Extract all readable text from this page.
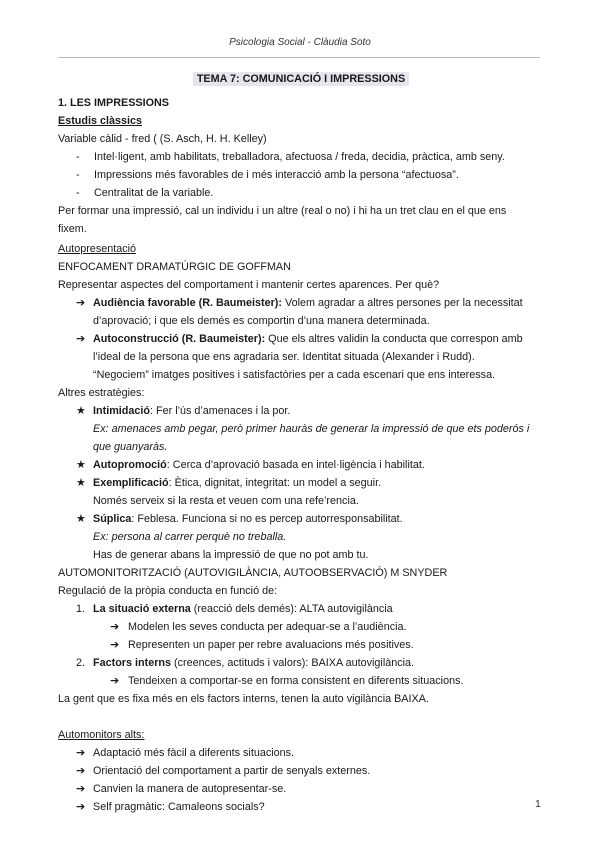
Psicologia Social - Clàudia Soto
TEMA 7: COMUNICACIÓ I IMPRESSIONS
1. LES IMPRESSIONS
Estudis clàssics
Variable càlid - fred ( (S. Asch, H. H. Kelley)
-	Intel·ligent, amb habilitats, treballadora, afectuosa / freda, decidia, pràctica, amb seny.
-	Impressions més favorables de i més interacció amb la persona “afectuosa”.
-	Centralitat de la variable.
Per formar una impressió, cal un individu i un altre (real o no) i hi ha un tret clau en el que ens
fixem.
Autopresentació
ENFOCAMENT DRAMATÚRGIC DE GOFFMAN
Representar aspectes del comportament i mantenir certes aparences. Per què?
➔ Audiència favorable (R. Baumeister): Volem agradar a altres persones per la necessitat
d’aprovació; i que els demés es comportin d’una manera determinada.
➔ Autoconstrucció (R. Baumeister): Que els altres validin la conducta que correspon amb
l’ideal de la persona que ens agradaria ser. Identitat situada (Alexander i Rudd).
“Negociem” imatges positives i satisfactòries per a cada escenari que ens interessa.
Altres estratègies:
★ Intimidació: Fer l’ús d’amenaces i la por.
Ex: amenaces amb pegar, però primer hauràs de generar la impressió de que ets poderós i
que guanyaràs.
★ Autopromoció: Cerca d’aprovació basada en intel·ligència i habilitat.
★ Exemplificació: Ètica, dignitat, integritat: un model a seguir.
Només serveix si la resta et veuen com una refe’rencia.
★ Súplica: Feblesa. Funciona si no es percep autorresponsabilitat.
Ex: persona al carrer perquè no treballa.
Has de generar abans la impressió de que no pot amb tu.
AUTOMONITORITZACIÓ (AUTOVIGILÀNCIA, AUTOOBSERVACIÓ) M SNYDER
Regulació de la pròpia conducta en funció de:
1. La situació externa (reacció dels demés): ALTA autovigilància
➔ Modelen les seves conducta per adequar-se a l’audiència.
➔ Representen un paper per rebre avaluacions més positives.
2. Factors interns (creences, actituds i valors): BAIXA autovigilància.
➔ Tendeixen a comportar-se en forma consistent en diferents situacions.
La gent que es fixa més en els factors interns, tenen la auto vigilància BAIXA.
Automonitors alts:
➔ Adaptació més fàcil a diferents situacions.
➔ Orientació del comportament a partir de senyals externes.
➔ Canvien la manera de autopresentar-se.
➔ Self pragmàtic: Camaleons socials?	1
